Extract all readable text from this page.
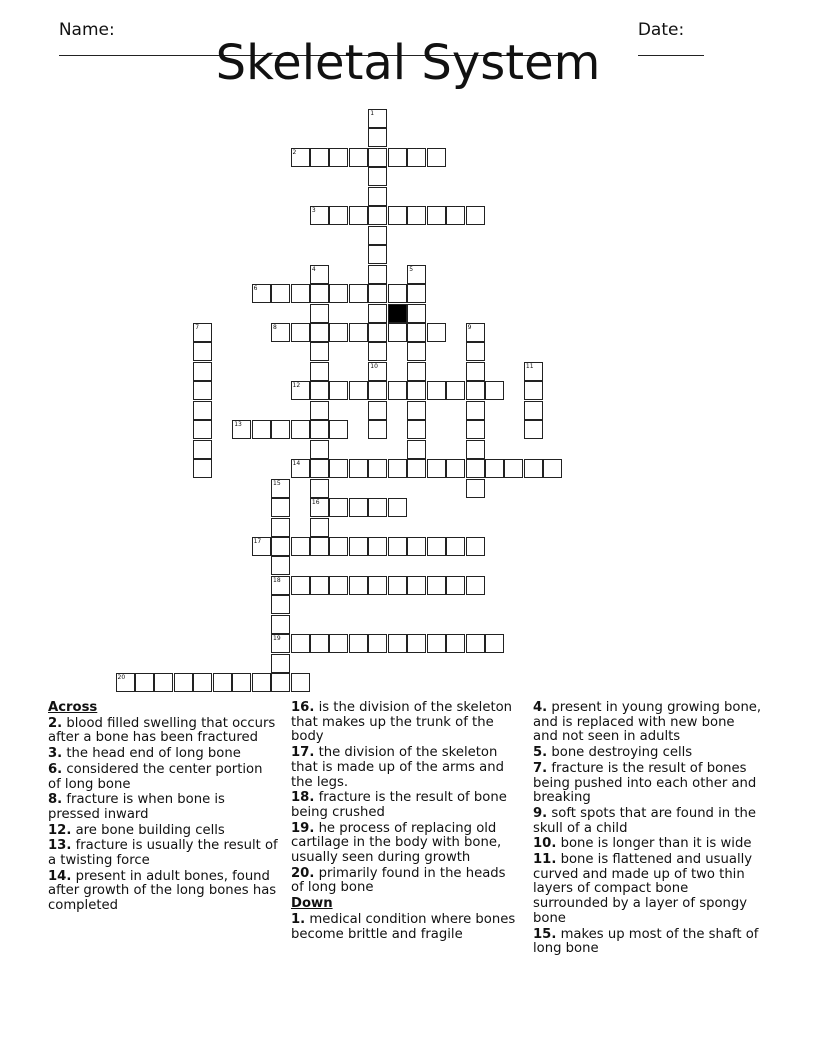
Name:
	Date:

Skeletal System
1
10
2
3
4
16
5
6
7	8	9
11
12
13
14
15
18
19
17
20
Across
2. blood filled swelling that occurs after a bone has been fractured
3. the head end of long bone
6. considered the center portion of long bone
8. fracture is when bone is pressed inward
12. are bone building cells
13. fracture is usually the result of a twisting force
14. present in adult bones, found after growth of the long bones has completed
16. is the division of the skeleton that makes up the trunk of the body
17. the division of the skeleton that is made up of the arms and the legs.
18. fracture is the result of bone being crushed
19. he process of replacing old cartilage in the body with bone, usually seen during growth
20. primarily found in the heads of long bone
Down
1. medical condition where bones become brittle and fragile
4. present in young growing bone, and is replaced with new bone and not seen in adults
5. bone destroying cells
7. fracture is the result of bones being pushed into each other and breaking
9. soft spots that are found in the skull of a child
10. bone is longer than it is wide
11. bone is flattened and usually curved and made up of two thin layers of compact bone surrounded by a layer of spongy bone
15. makes up most of the shaft of long bone
